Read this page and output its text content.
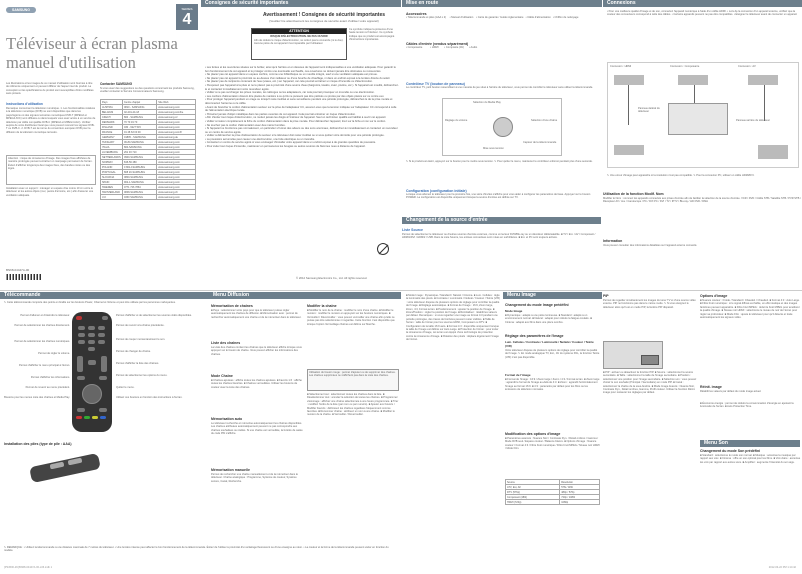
SAMSUNG	SERIES
4
Téléviseur à écran plasma
manuel d'utilisation
Les illustrations et les images de ce manuel d'utilisation sont fournies à titre de référence uniquement et peuvent différer de l'aspect réel du produit. La conception et les spécifications du produit sont susceptibles d'être modifiées sans préavis.
Instructions d'utilisation
Remarque concernant la télévision numérique. 1. Les fonctionnalités relatives à la télévision numérique (DVB) ne sont disponibles que dans les pays/régions où des signaux terrestres numériques DVB-T (MPEG2 et MPEG4 AVC) sont diffusés ou dans lesquels vous avez accès à un service de télévision par câble compatible DVB-C (MPEG2 et MPEG4 AAC). Vérifiez auprès de votre distributeur local que vous pouvez recevoir les signaux DVB-T ou DVB-C. 2. DVB-T est la norme du consortium européen DVB pour la diffusion de la télévision numérique terrestre.
Attention : risque de rémanence d'image. Des images fixes affichées de manière prolongée peuvent entraîner un marquage permanent de l'écran. Évitez d'afficher longtemps des images fixes, des bandes noires ou des logos.
Installation avec un support : ménager un espace d'au moins 10 cm entre le téléviseur et les autres objets (mur, parois d'armoire, etc.) afin d'assurer une ventilation adéquate.
Contacter SAMSUNG
Si vous avez des suggestions ou des questions concernant les produits Samsung, veuillez contacter le Service Consommateurs Samsung.
Pays	Centre d'appel	Site Web
AUSTRIA	0810 - SAMSUNG	www.samsung.com
BELGIUM	02-201-24-18	www.samsung.com/be
CZECH	800 - SAMSUNG	www.samsung.cz
DENMARK	70 70 19 70	www.samsung.com
FINLAND	030 - 6227 515	www.samsung.com
FRANCE	01 48 63 00 00	www.samsung.com/fr
GERMANY	01805 - SAMSUNG	www.samsung.de
HUNGARY	06-80-SAMSUNG	www.samsung.com
ITALIA	800-SAMSUNG	www.samsung.com
LUXEMBURG	261 03 710	www.samsung.com
NETHERLANDS	0900-SAMSUNG	www.samsung.com
NORWAY	815-56 480	www.samsung.com
POLAND	0 801-1SAMSUNG	www.samsung.com
PORTUGAL	808 20-SAMSUNG	www.samsung.com
SLOVAKIA	0800-SAMSUNG	www.samsung.com
SPAIN	902-1-SAMSUNG	www.samsung.com
SWEDEN	0771 726 7864	www.samsung.com
SWITZERLAND	0848-SAMSUNG	www.samsung.ch
U.K	0330 SAMSUNG	www.samsung.com
BN68-04447A-00
Consignes de sécurité importantes
Avertissement ! Consignes de sécurité importantes
(Veuillez lire attentivement les consignes de sécurité avant d'utiliser votre appareil)
ATTENTION
RISQUE D'ÉLECTROCUTION. NE PAS OUVRIR
Afin de réduire le risque d'électrocution, ne retirez pas le couvercle (ni le dos). Aucune pièce de cet appareil n'est réparable par l'utilisateur.
Ce symbole indique la présence d'une haute tension à l'intérieur. Ce symbole indique que ce produit est accompagné d'instructions importantes.
• Les fentes et les ouvertures situées sur le boîtier, ainsi qu'à l'arrière et en dessous de l'appareil sont indispensables à une ventilation adéquate. Pour garantir le bon fonctionnement de cet appareil et le protéger contre une éventuelle surchauffe, ces ouvertures ne doivent jamais être obstruées ou recouvertes.
• Ne placez pas cet appareil dans un espace confiné, comme une bibliothèque ou un meuble intégré, sauf si une ventilation adéquate est prévue.
• Ne placez pas cet appareil à proximité ou au-dessus d'un radiateur ou d'une bouche de chauffage, ni dans un endroit exposé à la lumière directe du soleil.
• Ne placez pas de récipients contenant de l'eau (vases, etc.) sur l'appareil, car cela pourrait entraîner un risque d'incendie ou d'électrocution.
• N'exposez pas l'appareil à la pluie et ne le placez pas à proximité d'une source d'eau (baignoire, lavabo, évier, piscine, etc.). Si l'appareil est mouillé, débranchez-le et contactez immédiatement votre revendeur agréé.
• Veillez à ne pas surcharger les prises murales, les rallonges ou les adaptateurs, car cela pourrait provoquer un incendie ou une électrocution.
• Les cordons d'alimentation doivent être placés de manière à ce qu'ils ne puissent pas être piétinés ou pincés par des objets placés sur ou contre eux.
• Pour protéger l'appareil pendant un orage ou lorsqu'il reste inutilisé et sans surveillance pendant une période prolongée, débranchez-le de la prise murale et déconnectez l'antenne ou le câble.
• Avant de brancher le cordon d'alimentation secteur sur la prise de l'adaptateur CC, assurez-vous que la tension indiquée sur l'adaptateur CC correspond à celle de l'alimentation électrique locale.
• N'insérez jamais d'objet métallique dans les parties ouvertes de cet appareil. Cela pourrait entraîner un risque d'électrocution.
• Afin d'éviter tout risque d'électrocution, ne mettez jamais les doigts à l'intérieur de l'appareil. Seul un technicien qualifié est habilité à ouvrir cet appareil.
• Veillez à insérer complètement la fiche du cordon d'alimentation dans la prise murale. Pour débrancher l'appareil, tirez sur la fiche et non sur le cordon.
• Ne touchez pas le cordon d'alimentation avec des mains humides.
• Si l'appareil ne fonctionne pas normalement, en particulier s'il émet des odeurs ou des sons anormaux, débranchez-le immédiatement et contactez un revendeur ou un centre de service agréé.
• Veillez à débrancher la prise d'alimentation du secteur si le téléviseur doit rester inutilisé ou si vous quittez votre domicile pour une période prolongée.
• La poussière accumulée peut causer une électrocution, une fuite électrique ou un incendie.
• Contactez un centre de service agréé si vous envisagez d'installer votre appareil dans un endroit exposé à de grandes quantités de poussière.
• Pour éviter tout risque d'incendie, maintenez en permanence les bougies ou autres sources de flammes nues à distance de l'appareil.
© 2012 Samsung Electronics Co., Ltd. All rights reserved.
Mise en route
Accessoires
• Télécommande et piles (AAA x 2)     • Manuel d'utilisation    • Carte de garantie / Guide réglementaire   • Câble d'alimentation   • Chiffon de nettoyage
Câbles d'entrée (vendus séparément)
• Composante           • HDMI        • Composite (AV)       • Audio
Contrôleur TV (bouton de panneau)
Le contrôleur TV, petit bouton ressemblant à une manette de jeu situé à l'arrière du téléviseur, vous permet de contrôler le téléviseur sans utiliser la télécommande.
Sélection du Media Play
Réglage du volume	Sélection d'une chaîne
Mise sous tension
Capteur de la télécommande
✎ Si le produit est éteint, appuyez sur le bouton pour le mettre sous tension. ✎ Pour quitter le menu, maintenez le contrôleur enfoncé pendant plus d'une seconde.
Configuration (configuration initiale)
Lorsque vous allumez le téléviseur pour la première fois, une série d'invites s'affiche pour vous aider à configurer les paramètres de base. Appuyez sur le bouton POWER. La configuration est disponible uniquement lorsque la source d'entrée est définie sur TV.
Connexions
• Pour une meilleure qualité d'image et de son, connectez l'appareil numérique à l'aide d'un câble HDMI. • Lors de la connexion d'un appareil externe, vérifiez que la couleur des connecteurs correspond à celle des câbles. • Certains appareils peuvent ne pas être compatibles. • Éteignez le téléviseur avant de connecter un appareil.
Connexion : HDMI	Connexion : Composante	Connexion : AV
Panneau latéral du téléviseur
Panneau arrière du téléviseur
✎ Une erreur d'image peut apparaître si la résolution n'est pas compatible. ✎ Pour la connexion PC, utilisez un câble HDMI/DVI.
Changement de la source d'entrée
Liste Source
Permet de sélectionner le téléviseur ou d'autres sources d'entrée externes, comme un lecteur DVD/Blu-ray ou un décodeur câble/satellite. ■ TV / Ext. / AV / Composant / HDMI1/DVI / HDMI2 / USB. Dans la Liste Source, les entrées connectées sont mises en surbrillance. ■ Ext. et PC sont toujours activés.
Utilisation de la fonction Modif. Nom
Modifier le Nom : nommez les appareils connectés aux prises d'entrée afin de faciliter la sélection de la source d'entrée. VCR / DVD / Câble STB / Satellite STB / PVR STB / Récepteur AV / Jeu / Caméscope / PC / DVI PC / DVI / TV / IPTV / Blu-ray / HD DVD / DMA
Information
Vous pouvez consulter des informations détaillées sur l'appareil externe connecté.
Télécommande
✎ Cette télécommande comporte des points en braille sur les boutons Power, Channel et Volume et peut être utilisée par les personnes malvoyantes.
Permet d'allumer et d'éteindre le téléviseur.
Permet de sélectionner les chaînes directement.
Permet de sélectionner les chaînes numériques.
Permet de régler le volume.
Permet d'afficher le menu principal à l'écran.
Permet d'afficher les informations.
Permet de revenir au menu précédent.
Boutons pour les menus Liste des chaînes et Media Play.
Permet d'afficher et de sélectionner les sources vidéo disponibles.
Permet de revenir à la chaîne précédente.
Permet de couper momentanément le son.
Permet de changer de chaîne.
Permet d'afficher la liste des chaînes.
Permet de sélectionner les options du menu.
Quitter le menu.
Utilisez ces boutons en fonction des instructions à l'écran.
Installation des piles (type de pile : AAA)
✎ REMARQUE : • Utilisez la télécommande à une distance maximale de 7 mètres du téléviseur. • Une lumière intense peut affecter le bon fonctionnement de la télécommande. Évitez de l'utiliser à proximité d'un éclairage fluorescent ou d'une enseigne au néon. • La couleur et la forme de la télécommande peuvent varier en fonction du modèle.
Menu Diffusion
Mémorisation de chaînes
■ Pays : sélectionnez votre pays pour que le téléviseur puisse régler automatiquement les chaînes de diffusion. ■ Mémorisation auto : permet de rechercher automatiquement une chaîne et de la mémoriser dans le téléviseur.
Liste des chaînes
La Liste des chaînes contient les chaînes que le téléviseur affiche lorsque vous appuyez sur le bouton de chaîne. Vous pouvez afficher les informations des chaînes.
Mode Chaîne
■ Chaînes ajoutées : affiche toutes les chaînes ajoutées. ■ Favoris 1-5 : affiche toutes les chaînes favorites. ■ Chaînes verrouillées. Utilisez les boutons de couleur avec la Liste des chaînes.
Mémorisation auto
Le téléviseur recherche et mémorise automatiquement les chaînes disponibles. Les chaînes attribuées automatiquement peuvent ne pas correspondre aux chaînes souhaitées ou réelles. Si une chaîne est verrouillée, la fenêtre de saisie du code PIN s'affiche.
Mémorisation manuelle
Permet de rechercher une chaîne manuellement et de la mémoriser dans le téléviseur. Chaîne analogique : Programme, Système de couleur, Système sonore, Canal, Recherche.
Modifier la chaîne
■ Modifier le nom de la chaîne : modifiez le nom d'une chaîne. ■ Modifier le numéro : modifiez le numéro en appuyant sur les boutons numériques. ■ Verrouiller / Déverrouiller : vous pouvez verrouiller une chaîne afin qu'elle ne puisse pas être sélectionnée ni regardée. Cette fonction n'est disponible que lorsque l'option Verrouillage chaînes est définie sur Marche.
Utilisation du bouton rouge : permet d'ajouter ou de supprimer des chaînes. Les chaînes supprimées ne s'affichent pas dans la Liste des chaînes.
■ Sélectionner tout : sélectionnez toutes les chaînes dans la liste. ■ Désélectionner tout : annulez la sélection de toutes les chaînes. ■ Programmer visionnage : affichez une chaîne sélectionnée à une heure programmée. ■ Trier : modifiez l'ordre de la liste (par nom ou par numéro). ■ Ajouter aux Favoris / Modifier Favoris : définissez les chaînes regardées fréquemment comme favorites. ■ Renommer chaîne : attribuez un nom à une chaîne. ■ Modifier le numéro de la chaîne. ■ Verrouiller / Déverrouiller.
■ Mode Image : Dynamique / Standard / Naturel / Cinéma. ■ Lum. Cellules : règle la luminosité des pixels. ■ Contraste / Luminosité / Netteté / Couleur / Teinte (V/R) : votre téléviseur dispose de plusieurs options de réglage pour contrôler la qualité de l'image. ■ Réglage automatique. ■ Format de l'image : 16:9, Zoom large, Zoom, 4:3, Format écran. ■ Positionnement : ajustez la position de l'image. ■ Zoom/Position : réglez la position de l'image. ■ Réinitialiser : rétablit les valeurs par défaut. Remarques : si vous regardez une image au format 4:3 pendant une période prolongée, des traces de bordures peuvent rester visibles. ■ Taille de l'écran : taille de l'écran pour les sources HDMI, Composant ou DTV. ■ Configuration de la taille 16:9 auto. ■ Format 4:3 : disponible uniquement lorsque la taille de l'image est définie sur Auto Large. ■ Protection de l'écran : pour éviter la rémanence d'image, cet écran est équipé d'une technologie de protection contre la rémanence d'image. ■ Rotation des pixels : déplace légèrement l'image de l'écran.
Menu Image
Changement du mode Image prédéfini
Mode Image
■ Dynamique : adapté à une pièce lumineuse. ■ Standard : adapté à un environnement normal. ■ Naturel : adapté pour réduire la fatigue oculaire. ■ Cinéma : adapté aux films dans une pièce sombre.
Réglage des paramètres de l'image
Lum. Cellules / Contraste / Luminosité / Netteté / Couleur / Teinte (V/R)
Votre téléviseur dispose de plusieurs options de réglage pour contrôler la qualité de l'image. ✎ En mode analogique TV, Ext., AV du système PAL, la fonction Teinte (V/R) n'est pas disponible.
Format de l'image
■ Format de l'image : 16:9 / Zoom large / Zoom / 4:3 / Format écran. ■ Zoom large : agrandit le format de l'image au-delà de 4:3. ■ Zoom : agrandit horizontalement l'image au format 16:9. ■ 4:3 : paramètre par défaut pour les films ou les émissions de télévision normales.
Modification des options d'image
■ Paramètres avancés : Nuance Noir / Contraste Dyn. / Détail ombres / Gamma / Mode RVB seul / Espace couleur / Balance blancs. ■ Options d'image : Nuance couleur / Format 4:3 / Filtre bruit numérique / Filtre bruit MPEG / Niveau noir HDMI / Mode Film.
Source	Résolution
ATV, Ext, AV	576i / 480i
DTV (576p)	480p / 576p
Composant (480i)	720p / 1080i
HDMI (720p)	1080p
PIP
Permet de regarder simultanément les images du tuner TV et d'une source vidéo externe. PIP ne fonctionne pas dans le même mode. ✎ Si vous éteignez le téléviseur alors qu'il est en mode PIP, la fenêtre PIP disparaît.
■ PIP : activez ou désactivez la fonction PIP. ■ Source : sélectionnez la source secondaire. ■ Taille : sélectionnez la taille de l'image secondaire. ■ Position : sélectionnez une position pour l'image secondaire. ■ Sélection son : vous pouvez choisir le son souhaité (Principal / Secondaire) en mode PIP. ■ Canal : sélectionnez la chaîne de la sous-fenêtre. ■ Mode Image Avancé : Nuance Noir, Contraste Dyn., Détail ombres, Gamma, Profil couleur. Utilisez la fonction Réinit. image pour restaurer les réglages par défaut.
Options d'image
■ Nuance couleur : Froide / Standard / Chaude1 / Chaude2. ■ Format 4:3 : Auto Large. ■ Filtre bruit numérique : si le signal diffusé est faible, un effet statique et des images fantômes peuvent apparaître. ■ Filtre bruit MPEG : réduit le bruit MPEG pour améliorer la qualité d'image. ■ Niveau noir HDMI : sélectionne le niveau de noir de l'écran pour régler sa profondeur. ■ Mode Film : ajuste le téléviseur pour qu'il détecte et traite automatiquement les signaux vidéo.
Réinit. image
Rétablit les valeurs par défaut du mode image actuel.
■ Économie énergie : permet de réduire la consommation d'énergie en ajustant la luminosité de l'écran. ■ Auto Protection Time.
Menu Son
Changement du mode Son prédéfini
■ Standard : sélectionne le mode son normal. ■ Musique : accentue la musique par rapport aux voix. ■ Cinéma : offre un son optimal pour les films. ■ Voix claire : accentue les voix par rapport aux autres sons. ■ Amplifier : augmente l'intensité du son aigu.
[PS4500-ZC]BN68-04447A-00-L06.indb 1	2012-03-22 PM 1:14:42
